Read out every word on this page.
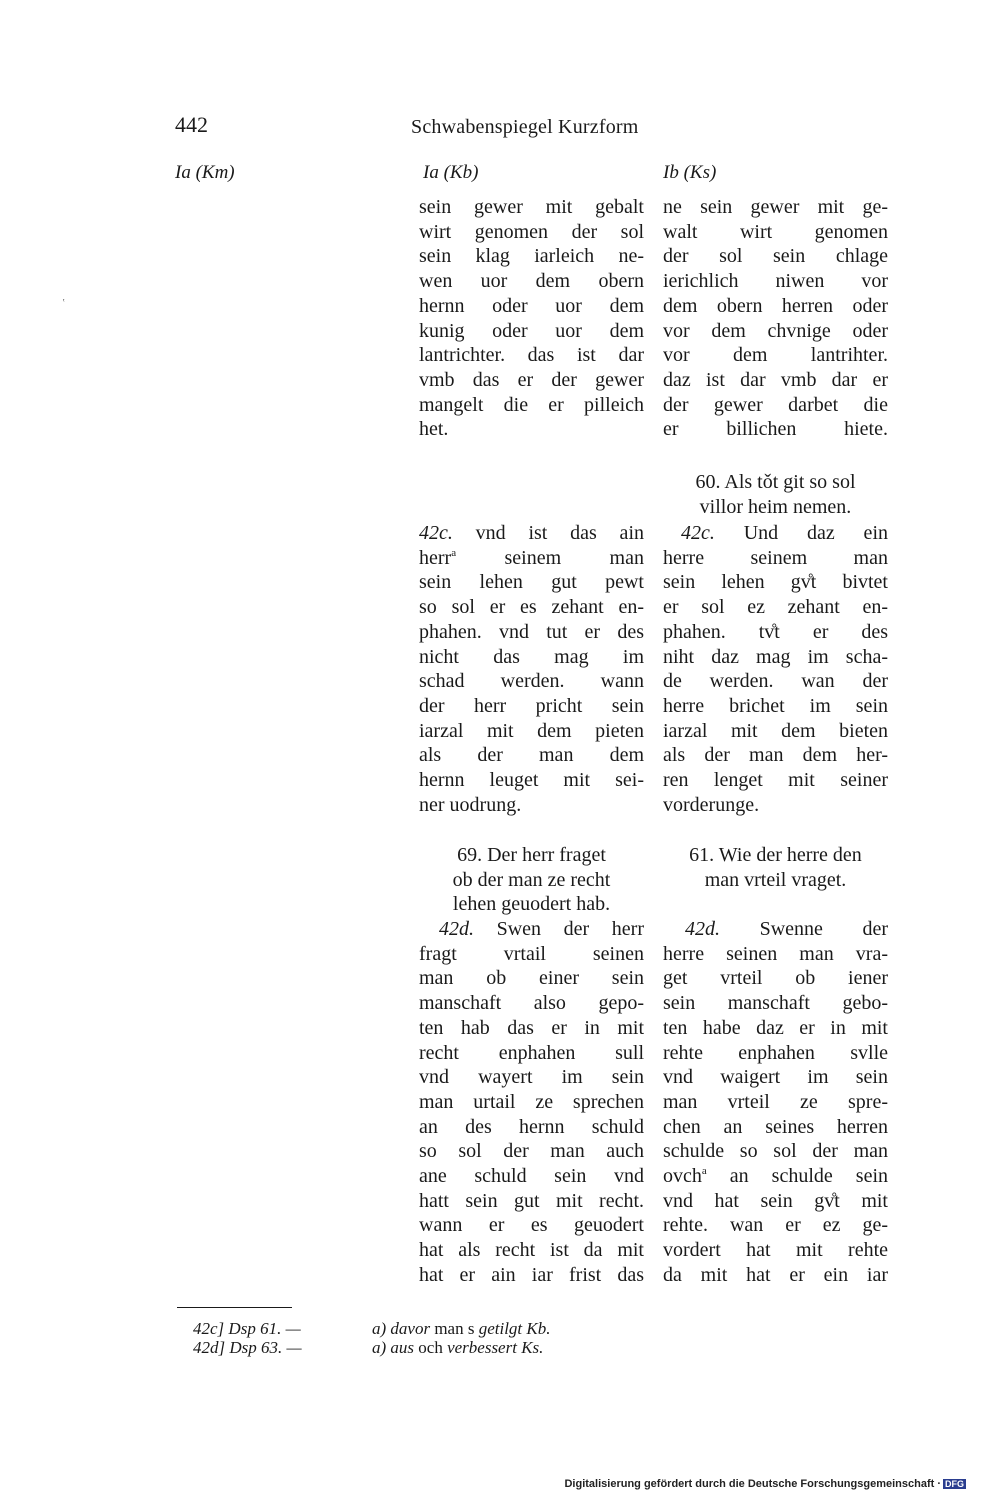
442	Schwabenspiegel Kurzform
ʽ
Ia (Km)	Ia (Kb)	Ib (Ks)
sein gewer mit gebalt
wirt genomen der sol
sein klag iarleich ne-
wen uor dem obern
hernn oder uor dem
kunig oder uor dem
lantrichter. das ist dar
vmb das er der gewer
mangelt die er pilleich
het.
42c. vnd ist das ain
herr$^a$ seinem man
sein lehen gut pewt
so sol er es zehant en-
phahen. vnd tut er des
nicht das mag im
schad werden. wann
der herr pricht sein
iarzal mit dem pieten
als der man dem
hernn leuget mit sei-
ner uodrung.
69. Der herr fraget
ob der man ze recht
lehen geuodert hab.
42d. Swen der herr
fragt vrtail seinen
man ob einer sein
manschaft also gepo-
ten hab das er in mit
recht enphahen sull
vnd wayert im sein
man urtail ze sprechen
an des hernn schuld
so sol der man auch
ane schuld sein vnd
hatt sein gut mit recht.
wann er es geuodert
hat als recht ist da mit
hat er ain iar frist das
ne sein gewer mit ge-
walt wirt genomen
der sol sein chlage
ierichlich niwen vor
dem obern herren oder
vor dem chvnige oder
vor dem lantrihter.
daz ist dar vmb dar er
der gewer darbet die
er billichen hiete.
60. Als tǒt git so sol
villor heim nemen.
42c. Und daz ein
herre seinem man
sein lehen gv̊t bivtet
er sol ez zehant en-
phahen. tv̊t er des
niht daz mag im scha-
de werden. wan der
herre brichet im sein
iarzal mit dem bieten
als der man dem her-
ren lenget mit seiner
vorderunge.
61. Wie der herre den
man vrteil vraget.
42d. Swenne der
herre seinen man vra-
get vrteil ob iener
sein manschaft gebo-
ten habe daz er in mit
rehte enphahen svlle
vnd waigert im sein
man vrteil ze spre-
chen an seines herren
schulde so sol der man
ovch$^a$ an schulde sein
vnd hat sein gv̊t mit
rehte. wan er ez ge-
vordert hat mit rehte
da mit hat er ein iar
42c] Dsp 61. —
42d] Dsp 63. —
a) davor man s getilgt Kb.
a) aus och verbessert Ks.
Digitalisierung gefördert durch die Deutsche Forschungsgemeinschaft · DFG
